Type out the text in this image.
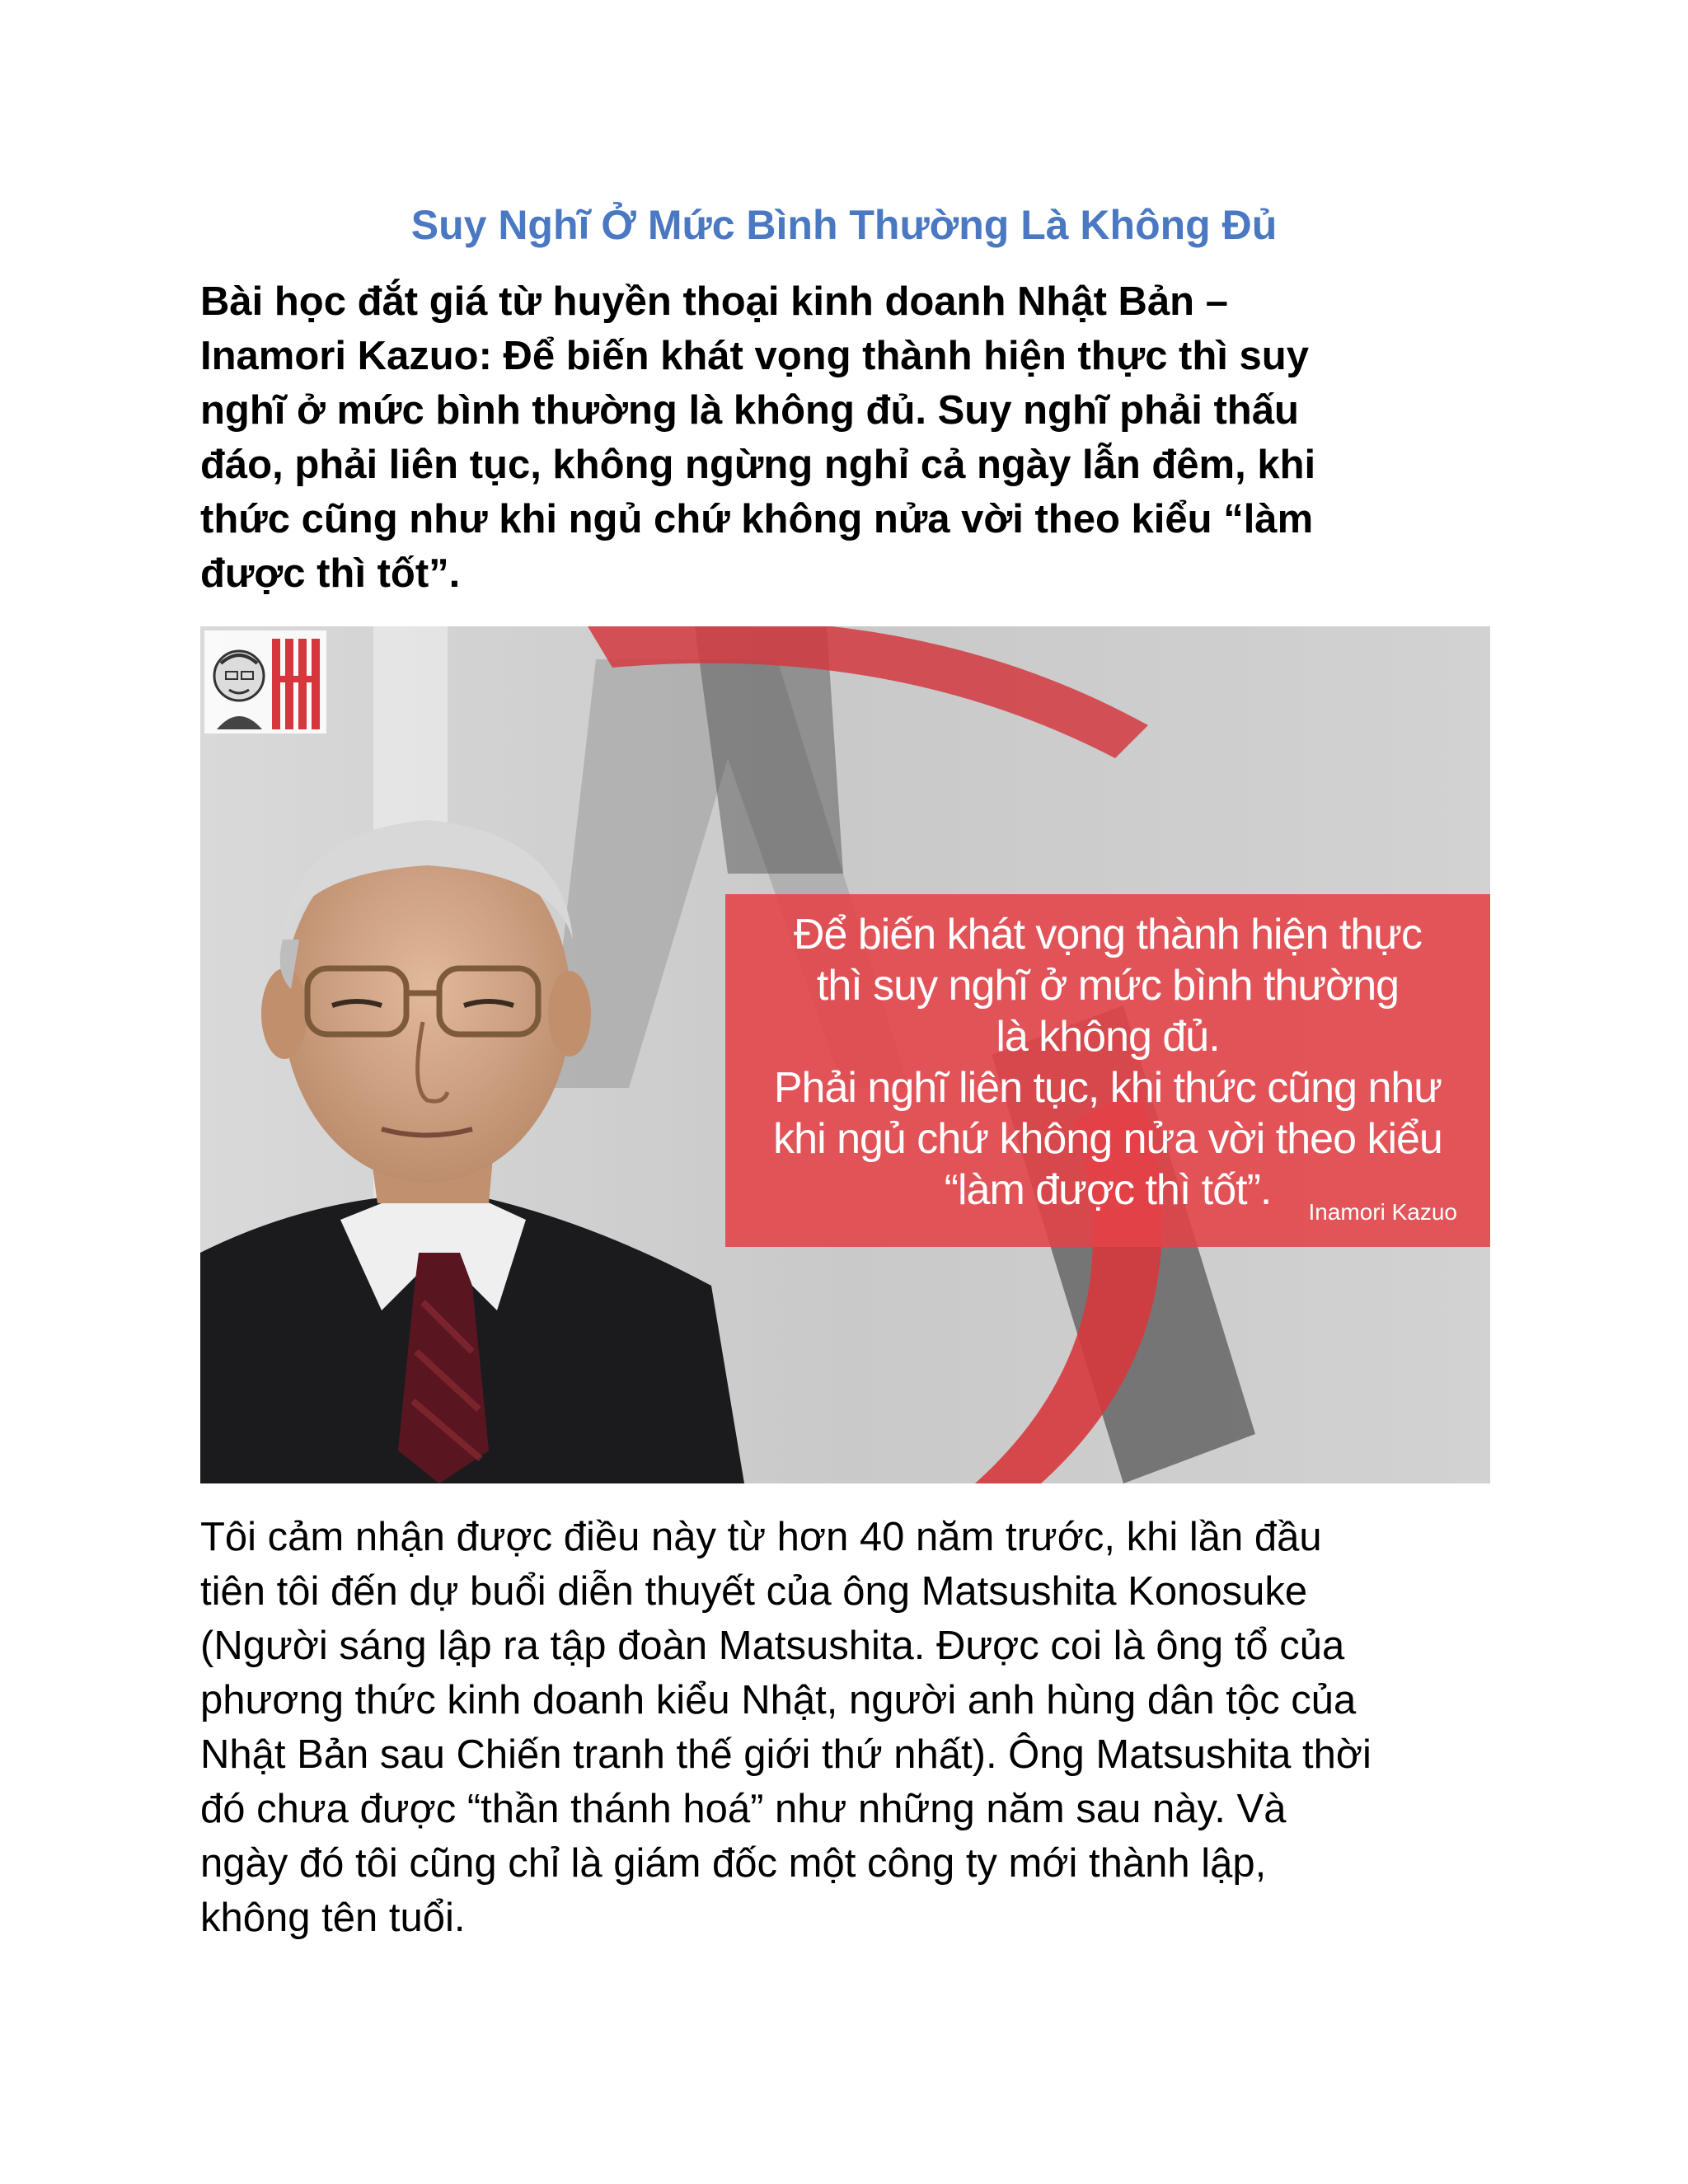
Suy Nghĩ Ở Mức Bình Thường Là Không Đủ
Bài học đắt giá từ huyền thoại kinh doanh Nhật Bản –
Inamori Kazuo: Để biến khát vọng thành hiện thực thì suy
nghĩ ở mức bình thường là không đủ. Suy nghĩ phải thấu
đáo, phải liên tục, không ngừng nghỉ cả ngày lẫn đêm, khi
thức cũng như khi ngủ chứ không nửa vời theo kiểu “làm
được thì tốt”.
Để biến khát vọng thành hiện thực
thì suy nghĩ ở mức bình thường
là không đủ.
Phải nghĩ liên tục, khi thức cũng như
khi ngủ chứ không nửa vời theo kiểu
“làm được thì tốt”.	Inamori Kazuo
Tôi cảm nhận được điều này từ hơn 40 năm trước, khi lần đầu
tiên tôi đến dự buổi diễn thuyết của ông Matsushita Konosuke
(Người sáng lập ra tập đoàn Matsushita. Được coi là ông tổ của
phương thức kinh doanh kiểu Nhật, người anh hùng dân tộc của
Nhật Bản sau Chiến tranh thế giới thứ nhất). Ông Matsushita thời
đó chưa được “thần thánh hoá” như những năm sau này. Và
ngày đó tôi cũng chỉ là giám đốc một công ty mới thành lập,
không tên tuổi.
